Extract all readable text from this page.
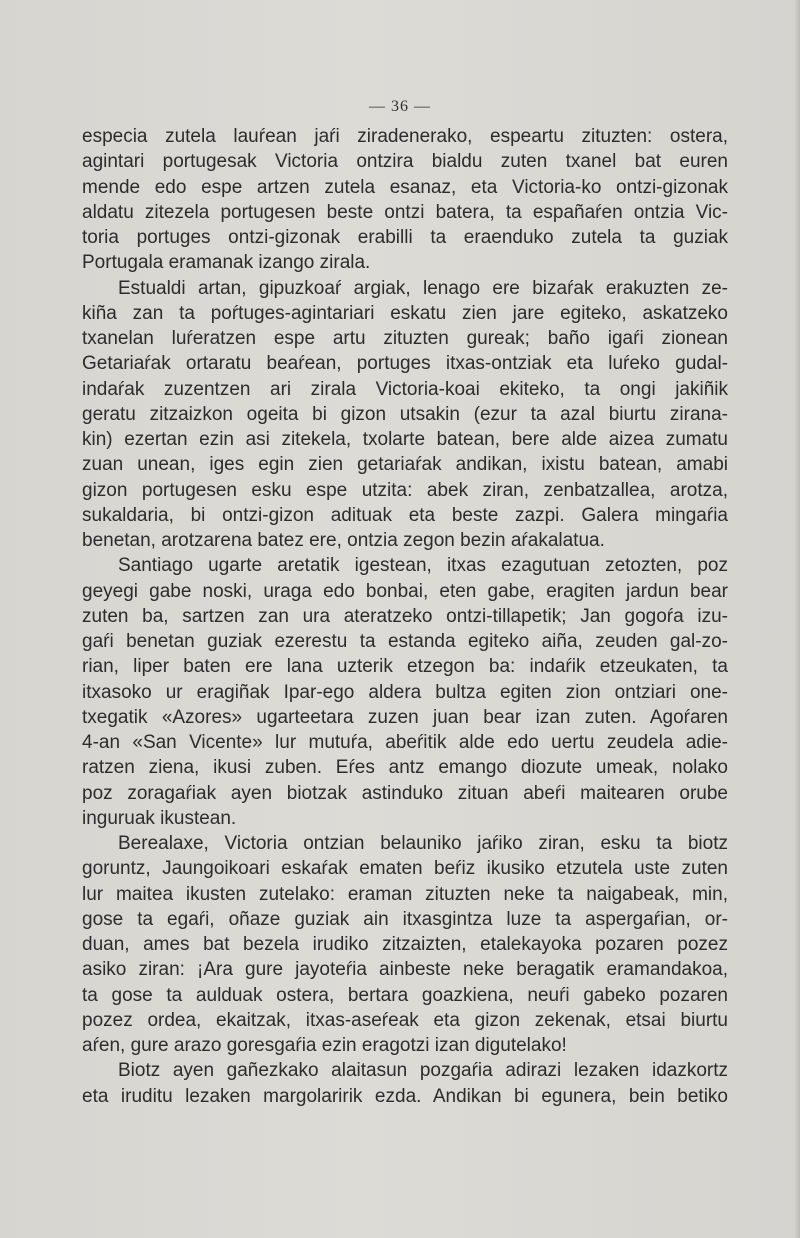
— 36 —
especia zutela lauŕean jaŕi ziradenerako, espeartu zituzten: ostera,
agintari portugesak Victoria ontzira bialdu zuten txanel bat euren
mende edo espe artzen zutela esanaz, eta Victoria-ko ontzi-gizonak
aldatu zitezela portugesen beste ontzi batera, ta españaŕen ontzia Vic-
toria portuges ontzi-gizonak erabilli ta eraenduko zutela ta guziak
Portugala eramanak izango zirala.
Estualdi artan, gipuzkoaŕ argiak, lenago ere bizaŕak erakuzten ze-
kiña zan ta poŕtuges-agintariari eskatu zien jare egiteko, askatzeko
txanelan luŕeratzen espe artu zituzten gureak; baño igaŕi zionean
Getariaŕak ortaratu beaŕean, portuges itxas-ontziak eta luŕeko gudal-
indaŕak zuzentzen ari zirala Victoria-koai ekiteko, ta ongi jakiñik
geratu zitzaizkon ogeita bi gizon utsakin (ezur ta azal biurtu zirana-
kin) ezertan ezin asi zitekela, txolarte batean, bere alde aizea zumatu
zuan unean, iges egin zien getariaŕak andikan, ixistu batean, amabi
gizon portugesen esku espe utzita: abek ziran, zenbatzallea, arotza,
sukaldaria, bi ontzi-gizon adituak eta beste zazpi. Galera mingaŕia
benetan, arotzarena batez ere, ontzia zegon bezin aŕakalatua.
Santiago ugarte aretatik igestean, itxas ezagutuan zetozten, poz
geyegi gabe noski, uraga edo bonbai, eten gabe, eragiten jardun bear
zuten ba, sartzen zan ura ateratzeko ontzi-tillapetik; Jan gogoŕa izu-
gaŕi benetan guziak ezerestu ta estanda egiteko aiña, zeuden gal-zo-
rian, liper baten ere lana uzterik etzegon ba: indaŕik etzeukaten, ta
itxasoko ur eragiñak Ipar-ego aldera bultza egiten zion ontziari one-
txegatik «Azores» ugarteetara zuzen juan bear izan zuten. Agoŕaren
4-an «San Vicente» lur mutuŕa, abeŕitik alde edo uertu zeudela adie-
ratzen ziena, ikusi zuben. Eŕes antz emango diozute umeak, nolako
poz zoragaŕiak ayen biotzak astinduko zituan abeŕi maitearen orube
inguruak ikustean.
Berealaxe, Victoria ontzian belauniko jaŕiko ziran, esku ta biotz
goruntz, Jaungoikoari eskaŕak ematen beŕiz ikusiko etzutela uste zuten
lur maitea ikusten zutelako: eraman zituzten neke ta naigabeak, min,
gose ta egaŕi, oñaze guziak ain itxasgintza luze ta aspergaŕian, or-
duan, ames bat bezela irudiko zitzaizten, etalekayoka pozaren pozez
asiko ziran: ¡Ara gure jayoteŕia ainbeste neke beragatik eramandakoa,
ta gose ta aulduak ostera, bertara goazkiena, neuŕi gabeko pozaren
pozez ordea, ekaitzak, itxas-aseŕeak eta gizon zekenak, etsai biurtu
aŕen, gure arazo goresgaŕia ezin eragotzi izan digutelako!
Biotz ayen gañezkako alaitasun pozgaŕia adirazi lezaken idazkortz
eta iruditu lezaken margolaririk ezda. Andikan bi egunera, bein betiko
